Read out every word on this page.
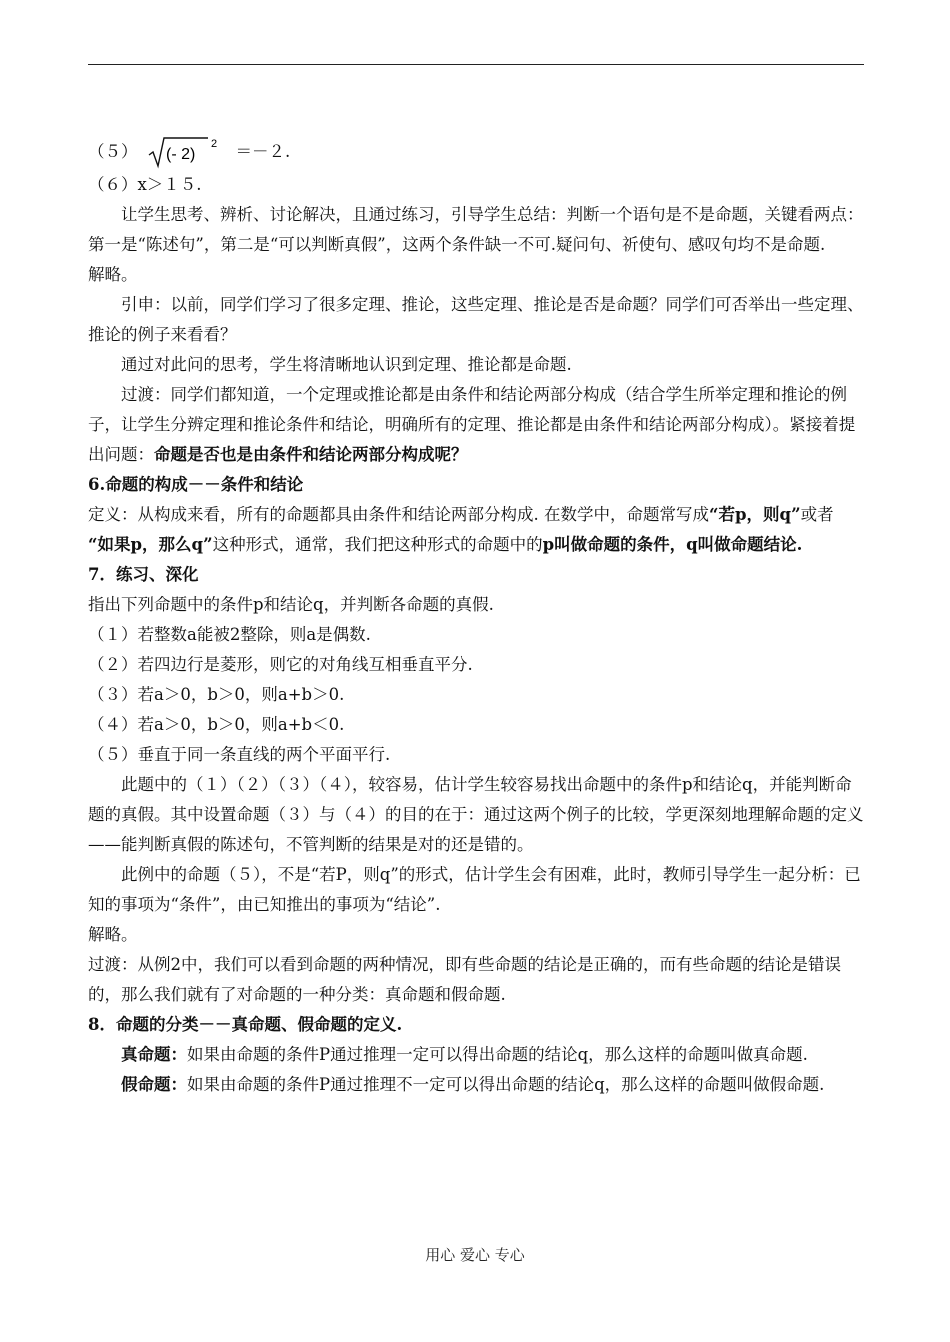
（５） (- 2)
2 ＝－２.

（６）x＞１５.

让学生思考、辨析、讨论解决，且通过练习，引导学生总结：判断一个语句是不是命题，关键看两点：第一是“陈述句”，第二是“可以判断真假”，这两个条件缺一不可.疑问句、祈使句、感叹句均不是命题.

解略。

引申：以前，同学们学习了很多定理、推论，这些定理、推论是否是命题？同学们可否举出一些定理、推论的例子来看看？

通过对此问的思考，学生将清晰地认识到定理、推论都是命题.

过渡：同学们都知道，一个定理或推论都是由条件和结论两部分构成（结合学生所举定理和推论的例子，让学生分辨定理和推论条件和结论，明确所有的定理、推论都是由条件和结论两部分构成）。紧接着提出问题：命题是否也是由条件和结论两部分构成呢？

6.命题的构成－－条件和结论

定义：从构成来看，所有的命题都具由条件和结论两部分构成. 在数学中，命题常写成“若p，则q”或者 “如果p，那么q”这种形式，通常，我们把这种形式的命题中的p叫做命题的条件，q叫做命题结论.

7．练习、深化

指出下列命题中的条件p和结论q，并判断各命题的真假.

（１）若整数a能被2整除，则a是偶数.

（２）若四边行是菱形，则它的对角线互相垂直平分.

（３）若a＞0，b＞0，则a+b＞0.

（４）若a＞0，b＞0，则a+b＜0.

（５）垂直于同一条直线的两个平面平行.

此题中的（１）（２）（３）（４），较容易，估计学生较容易找出命题中的条件p和结论q，并能判断命题的真假。其中设置命题（３）与（４）的目的在于：通过这两个例子的比较，学更深刻地理解命题的定义——能判断真假的陈述句，不管判断的结果是对的还是错的。

此例中的命题（５），不是“若P，则q”的形式，估计学生会有困难，此时，教师引导学生一起分析：已知的事项为“条件”，由已知推出的事项为“结论”.

解略。

过渡：从例2中，我们可以看到命题的两种情况，即有些命题的结论是正确的，而有些命题的结论是错误的，那么我们就有了对命题的一种分类：真命题和假命题.

8．命题的分类－－真命题、假命题的定义.

真命题：如果由命题的条件P通过推理一定可以得出命题的结论q，那么这样的命题叫做真命题.

假命题：如果由命题的条件P通过推理不一定可以得出命题的结论q，那么这样的命题叫做假命题.

用心 爱心 专心
